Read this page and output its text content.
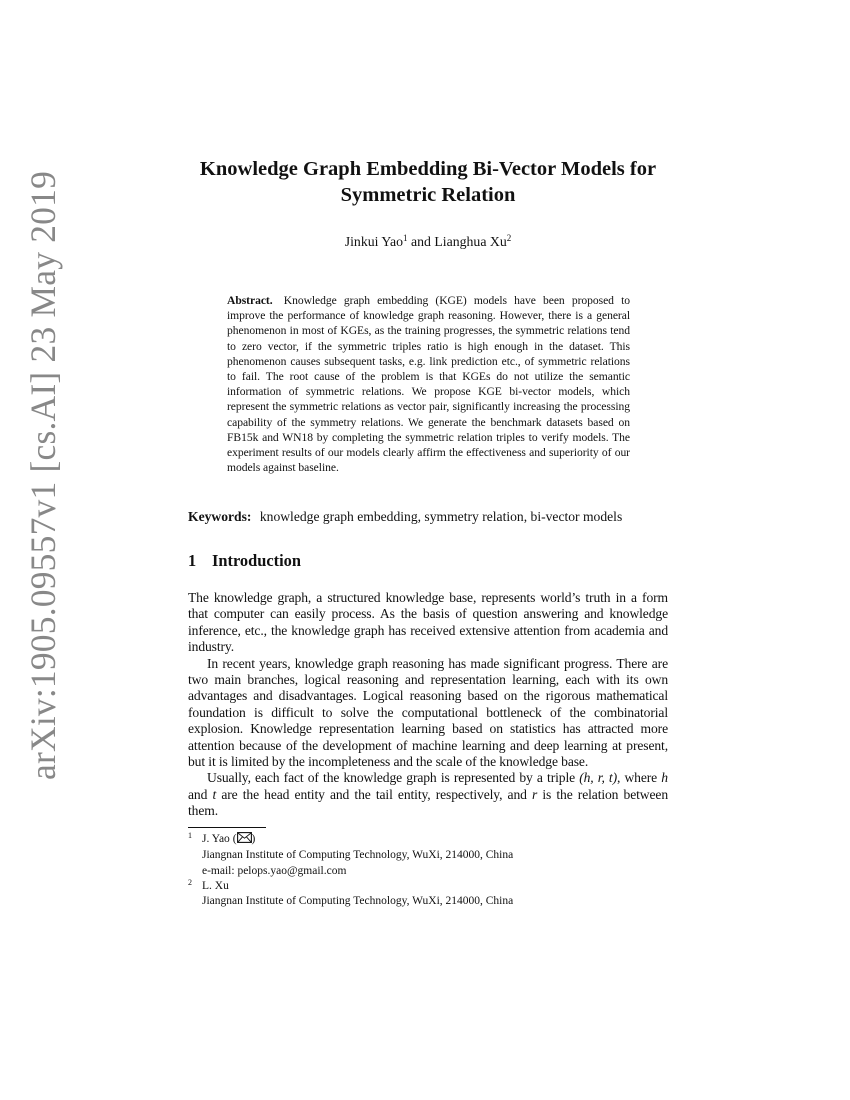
arXiv:1905.09557v1 [cs.AI] 23 May 2019
Knowledge Graph Embedding Bi-Vector Models for
Symmetric Relation
Jinkui Yao$^1$ and Lianghua Xu$^2$

Abstract. Knowledge graph embedding (KGE) models have been proposed to improve the performance of knowledge graph reasoning. However, there is a general phenomenon in most of KGEs, as the training progresses, the symmetric relations tend to zero vector, if the symmetric triples ratio is high enough in the dataset. This phenomenon causes subsequent tasks, e.g. link prediction etc., of symmetric relations to fail. The root cause of the problem is that KGEs do not utilize the semantic information of symmetric relations. We propose KGE bi-vector models, which represent the symmetric relations as vector pair, significantly increasing the processing capability of the symmetry relations. We generate the benchmark datasets based on FB15k and WN18 by completing the symmetric relation triples to verify models. The experiment results of our models clearly affirm the effectiveness and superiority of our models against baseline.

Keywords: knowledge graph embedding, symmetry relation, bi-vector models
1 Introduction

The knowledge graph, a structured knowledge base, represents world’s truth in a form that computer can easily process. As the basis of question answering and knowledge inference, etc., the knowledge graph has received extensive attention from academia and industry.

In recent years, knowledge graph reasoning has made significant progress. There are two main branches, logical reasoning and representation learning, each with its own advantages and disadvantages. Logical reasoning based on the rigorous mathematical foundation is difficult to solve the computational bottleneck of the combinatorial explosion. Knowledge representation learning based on statistics has attracted more attention because of the development of machine learning and deep learning at present, but it is limited by the incompleteness and the scale of the knowledge base.

Usually, each fact of the knowledge graph is represented by a triple (h, r, t), where h and t are the head entity and the tail entity, respectively, and r is the relation between them.

$^1$ J. Yao ( )
Jiangnan Institute of Computing Technology, WuXi, 214000, China
e-mail: pelops.yao@gmail.com
$^2$ L. Xu
Jiangnan Institute of Computing Technology, WuXi, 214000, China
